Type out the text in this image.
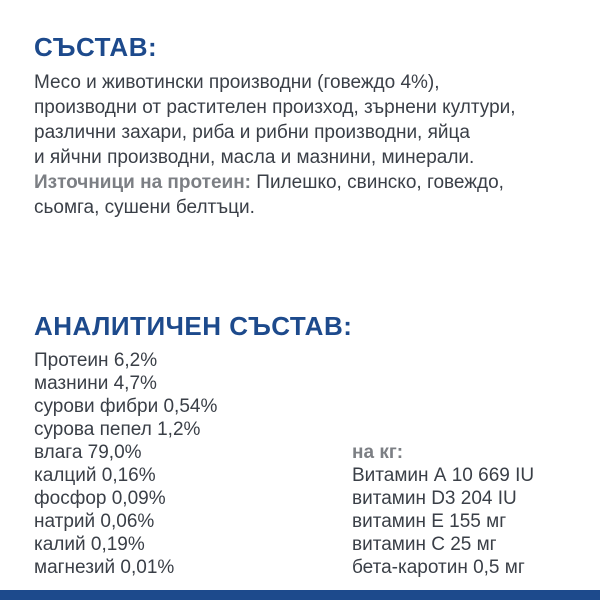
СЪСТАВ:
Месо и животински производни (говеждо 4%),
производни от растителен произход, зърнени култури,
различни захари, риба и рибни производни, яйца
и яйчни производни, масла и мазнини, минерали.
Източници на протеин: Пилешко, свинско, говеждо,
сьомга, сушени белтъци.
АНАЛИТИЧЕН СЪСТАВ:
Протеин 6,2%
мазнини 4,7%
сурови фибри 0,54%
сурова пепел 1,2%
влага 79,0%
калций 0,16%
фосфор 0,09%
натрий 0,06%
калий 0,19%
магнезий 0,01%
на кг:
Витамин А 10 669 IU
витамин D3 204 IU
витамин Е 155 мг
витамин С 25 мг
бета-каротин 0,5 мг
